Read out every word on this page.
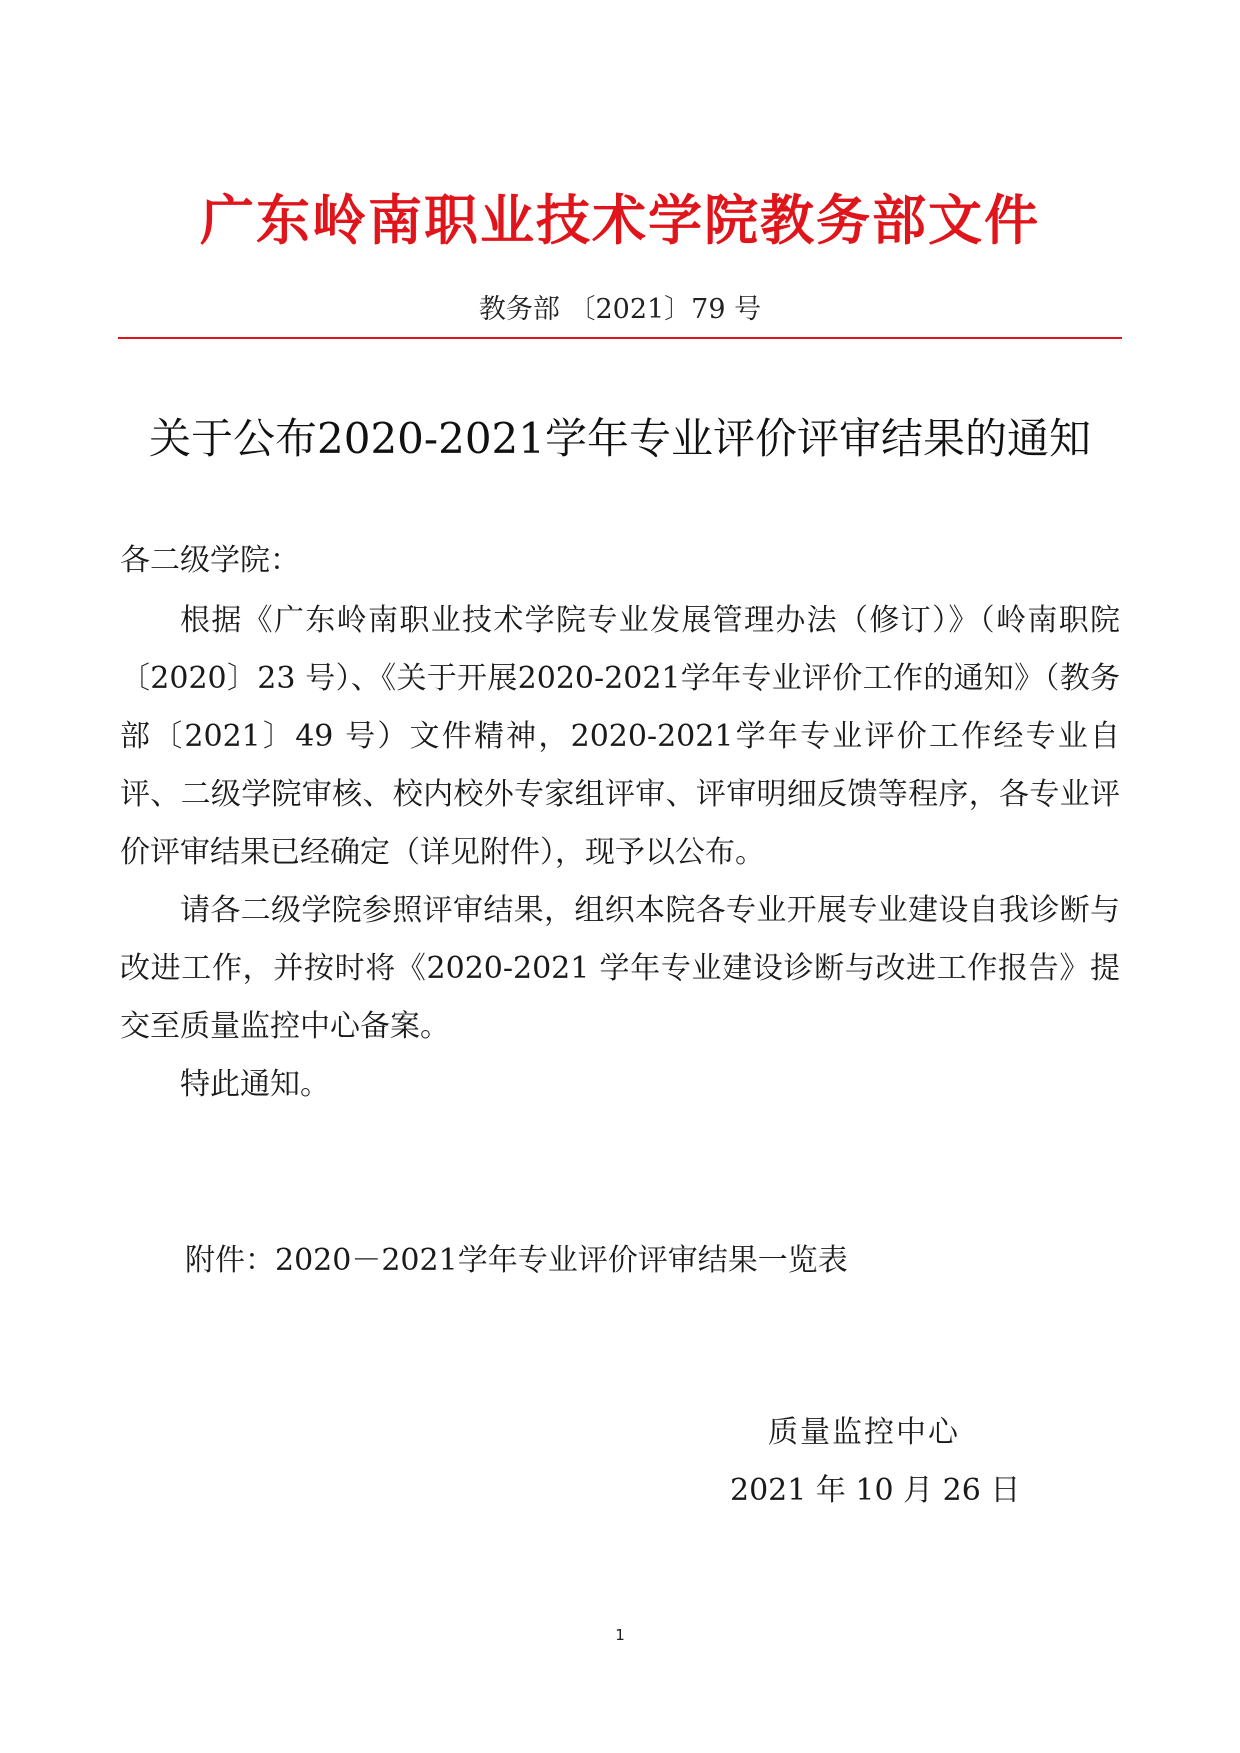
广东岭南职业技术学院教务部文件
教务部 〔2021〕79 号
关于公布2020-2021学年专业评价评审结果的通知
各二级学院：

根据《广东岭南职业技术学院专业发展管理办法（修订）》（岭南职院〔2020〕23 号）、《关于开展2020-2021学年专业评价工作的通知》（教务部〔2021〕49 号）文件精神，2020-2021学年专业评价工作经专业自评、二级学院审核、校内校外专家组评审、评审明细反馈等程序，各专业评价评审结果已经确定（详见附件），现予以公布。

请各二级学院参照评审结果，组织本院各专业开展专业建设自我诊断与改进工作，并按时将《2020-2021 学年专业建设诊断与改进工作报告》提交至质量监控中心备案。

特此通知。

附件：2020－2021学年专业评价评审结果一览表
质量监控中心
2021 年 10 月 26 日
1
